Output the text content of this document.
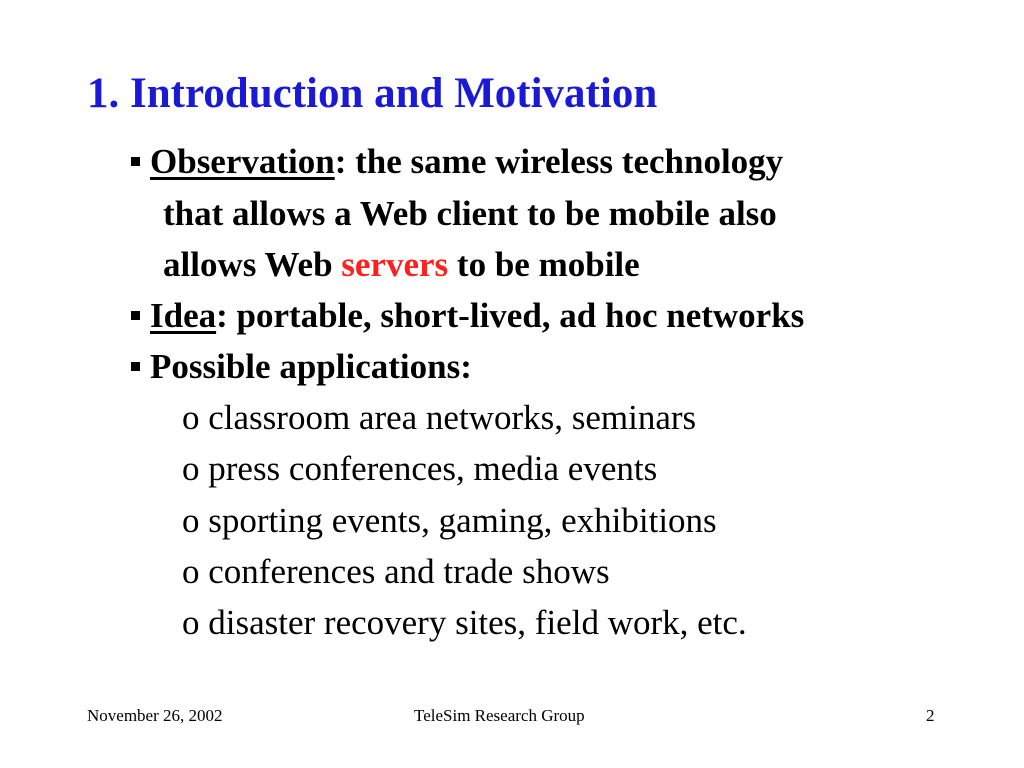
1. Introduction and Motivation
Observation: the same wireless technology
that allows a Web client to be mobile also
allows Web servers to be mobile
Idea: portable, short-lived, ad hoc networks
Possible applications:
o classroom area networks, seminars
o press conferences, media events
o sporting events, gaming, exhibitions
o conferences and trade shows
o disaster recovery sites, field work, etc.
November 26, 2002	TeleSim Research Group	2
